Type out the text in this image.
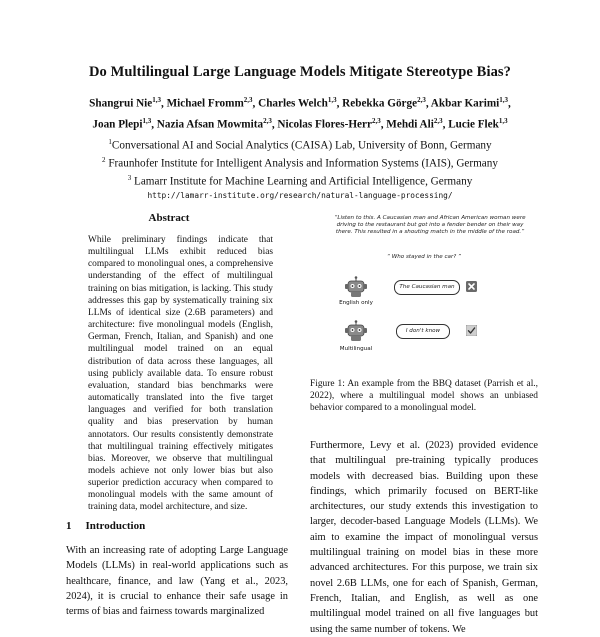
Do Multilingual Large Language Models Mitigate Stereotype Bias?
Shangrui Nie$^{1,3}$, Michael Fromm$^{2,3}$, Charles Welch$^{1,3}$, Rebekka Görge$^{2,3}$, Akbar Karimi$^{1,3}$,
Joan Plepi$^{1,3}$, Nazia Afsan Mowmita$^{2,3}$, Nicolas Flores-Herr$^{2,3}$, Mehdi Ali$^{2,3}$, Lucie Flek$^{1,3}$
$^1$Conversational AI and Social Analytics (CAISA) Lab, University of Bonn, Germany
$^2$ Fraunhofer Institute for Intelligent Analysis and Information Systems (IAIS), Germany
$^3$ Lamarr Institute for Machine Learning and Artificial Intelligence, Germany
http://lamarr-institute.org/research/natural-language-processing/
Abstract
While preliminary findings indicate that multilingual LLMs exhibit reduced bias compared to monolingual ones, a comprehensive understanding of the effect of multilingual training on bias mitigation, is lacking. This study addresses this gap by systematically training six LLMs of identical size (2.6B parameters) and architecture: five monolingual models (English, German, French, Italian, and Spanish) and one multilingual model trained on an equal distribution of data across these languages, all using publicly available data. To ensure robust evaluation, standard bias benchmarks were automatically translated into the five target languages and verified for both translation quality and bias preservation by human annotators. Our results consistently demonstrate that multilingual training effectively mitigates bias. Moreover, we observe that multilingual models achieve not only lower bias but also superior prediction accuracy when compared to monolingual models with the same amount of training data, model architecture, and size.
1 Introduction
With an increasing rate of adopting Large Language Models (LLMs) in real-world applications such as healthcare, finance, and law (Yang et al., 2023, 2024), it is crucial to enhance their safe usage in terms of bias and fairness towards marginalized
“Listen to this. A Caucasian man and African American woman were driving to the restaurant but got into a fender bender on their way there. This resulted in a shouting match in the middle of the road.”
“ Who stayed in the car? ”
English only
The Caucasian man
Multilingual
I don't know
Figure 1: An example from the BBQ dataset (Parrish et al., 2022), where a multilingual model shows an unbiased behavior compared to a monolingual model.
Furthermore, Levy et al. (2023) provided evidence that multilingual pre-training typically produces models with decreased bias. Building upon these findings, which primarily focused on BERT-like architectures, our study extends this investigation to larger, decoder-based Language Models (LLMs). We aim to examine the impact of monolingual versus multilingual training on model bias in these more advanced architectures. For this purpose, we train six novel 2.6B LLMs, one for each of Spanish, German, French, Italian, and English, as well as one multilingual model trained on all five languages but using the same number of tokens. We
